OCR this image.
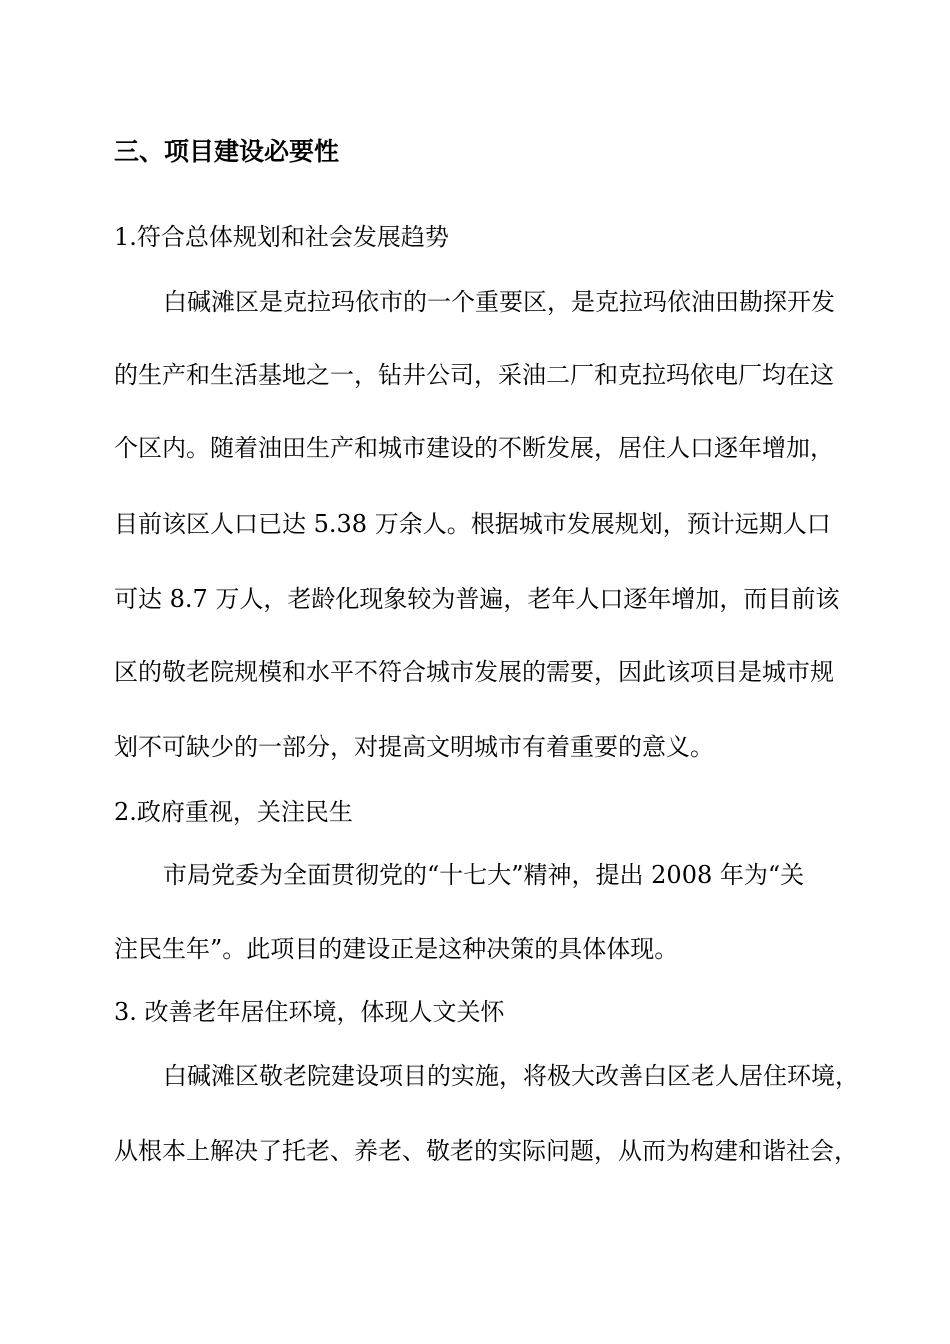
三、项目建设必要性
1.符合总体规划和社会发展趋势
白碱滩区是克拉玛依市的一个重要区，是克拉玛依油田勘探开发
的生产和生活基地之一，钻井公司，采油二厂和克拉玛依电厂均在这
个区内。随着油田生产和城市建设的不断发展，居住人口逐年增加，
目前该区人口已达 5.38 万余人。根据城市发展规划，预计远期人口
可达 8.7 万人，老龄化现象较为普遍，老年人口逐年增加，而目前该
区的敬老院规模和水平不符合城市发展的需要，因此该项目是城市规
划不可缺少的一部分，对提高文明城市有着重要的意义。
2.政府重视，关注民生
市局党委为全面贯彻党的“十七大”精神，提出 2008 年为“关
注民生年”。此项目的建设正是这种决策的具体体现。
3. 改善老年居住环境，体现人文关怀
白碱滩区敬老院建设项目的实施，将极大改善白区老人居住环境，
从根本上解决了托老、养老、敬老的实际问题，从而为构建和谐社会，
